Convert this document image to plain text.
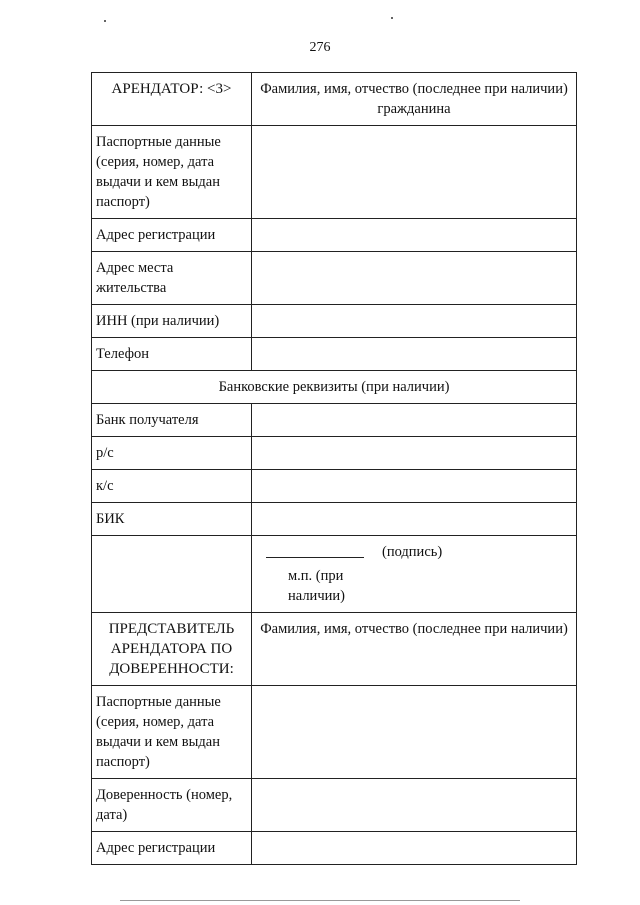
276
АРЕНДАТОР: <3>	Фамилия, имя, отчество (последнее при наличии) гражданина
Паспортные данные (серия, номер, дата выдачи и кем выдан паспорт)	
Адрес регистрации	
Адрес места жительства	
ИНН (при наличии)	
Телефон	
Банковские реквизиты (при наличии)	
Банк получателя	
р/с	
к/с	
БИК	

	(подпись)
м.п. (при наличии)

ПРЕДСТАВИТЕЛЬ АРЕНДАТОРА ПО ДОВЕРЕННОСТИ:	Фамилия, имя, отчество (последнее при наличии)
Паспортные данные (серия, номер, дата выдачи и кем выдан паспорт)	
Доверенность (номер, дата)	
Адрес регистрации	
